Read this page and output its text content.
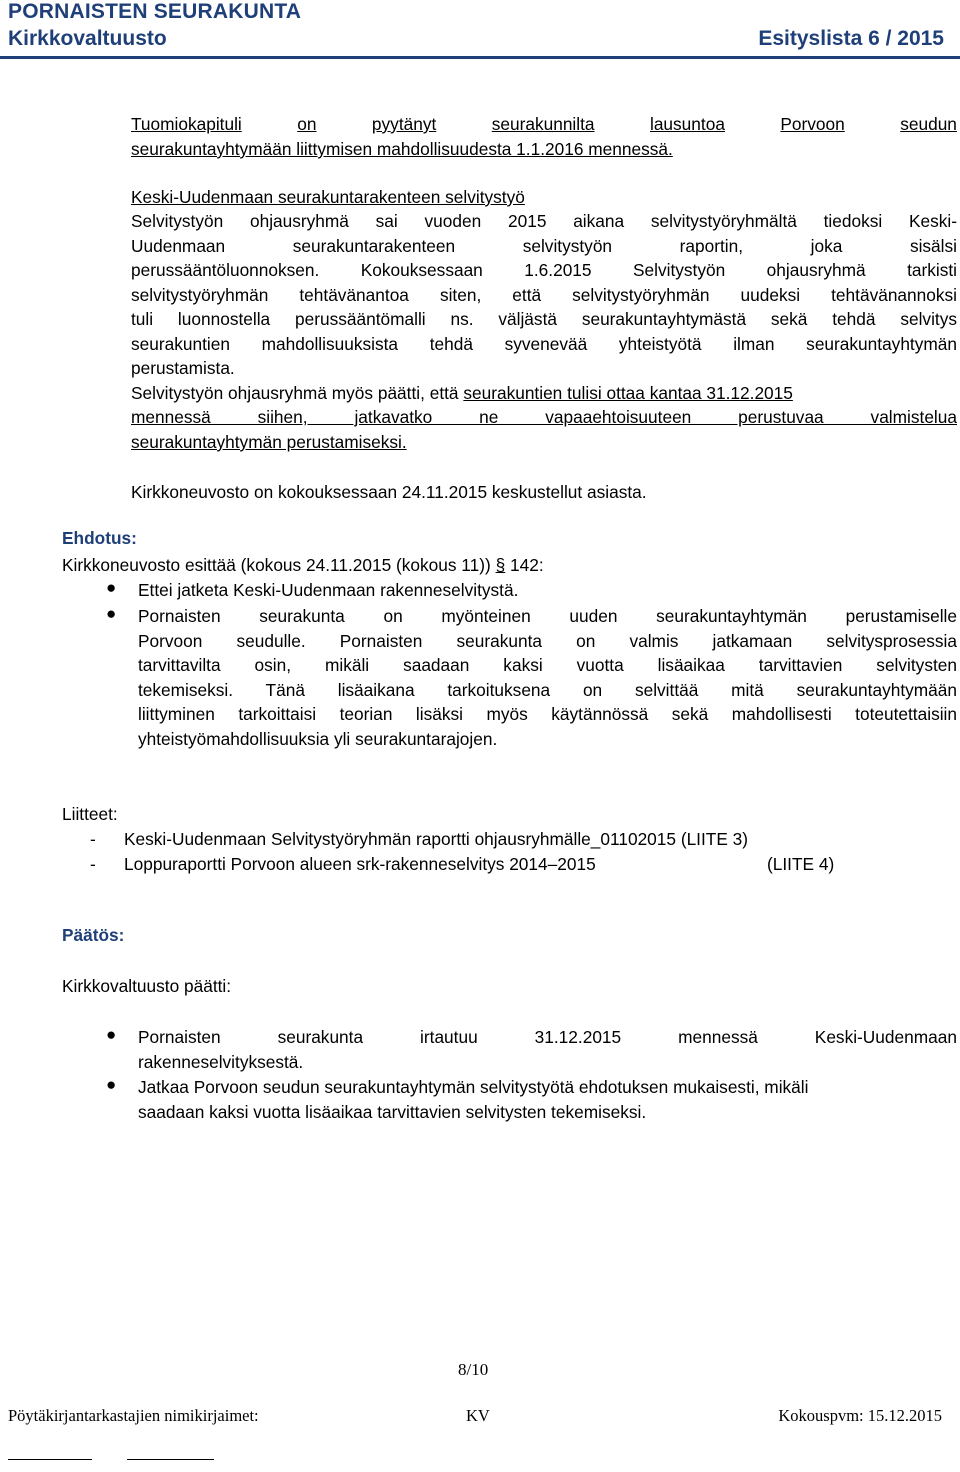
PORNAISTEN SEURAKUNTA
Kirkkovaltuusto	Esityslista 6 / 2015
Tuomiokapituli	on	pyytänyt	seurakunnilta	lausuntoa	Porvoon	seudun
seurakuntayhtymään liittymisen mahdollisuudesta 1.1.2016 mennessä.
Keski-Uudenmaan seurakuntarakenteen selvitystyö
Selvitystyön ohjausryhmä sai vuoden 2015 aikana selvitystyöryhmältä tiedoksi Keski-
Uudenmaan seurakuntarakenteen selvitystyön raportin, joka sisälsi
perussääntöluonnoksen. Kokouksessaan 1.6.2015 Selvitystyön ohjausryhmä tarkisti
selvitystyöryhmän tehtävänantoa siten, että selvitystyöryhmän uudeksi tehtävänannoksi
tuli luonnostella perussääntömalli ns. väljästä seurakuntayhtymästä sekä tehdä selvitys
seurakuntien mahdollisuuksista tehdä syvenevää yhteistyötä ilman seurakuntayhtymän
perustamista.
Selvitystyön ohjausryhmä myös päätti, että seurakuntien tulisi ottaa kantaa 31.12.2015
mennessä siihen, jatkavatko ne vapaaehtoisuuteen perustuvaa valmistelua
seurakuntayhtymän perustamiseksi.
Kirkkoneuvosto on kokouksessaan 24.11.2015 keskustellut asiasta.
Ehdotus:
Kirkkoneuvosto esittää (kokous 24.11.2015 (kokous 11)) § 142:
● Ettei jatketa Keski-Uudenmaan rakenneselvitystä.
● Pornaisten seurakunta on myönteinen uuden seurakuntayhtymän perustamiselle
Porvoon seudulle. Pornaisten seurakunta on valmis jatkamaan selvitysprosessia
tarvittavilta osin, mikäli saadaan kaksi vuotta lisäaikaa tarvittavien selvitysten
tekemiseksi. Tänä lisäaikana tarkoituksena on selvittää mitä seurakuntayhtymään
liittyminen tarkoittaisi teorian lisäksi myös käytännössä sekä mahdollisesti toteutettaisiin
yhteistyömahdollisuuksia yli seurakuntarajojen.
Liitteet:
- Keski-Uudenmaan Selvitystyöryhmän raportti ohjausryhmälle_01102015 (LIITE 3)
- Loppuraportti Porvoon alueen srk-rakenneselvitys 2014–2015	(LIITE 4)
Päätös:
Kirkkovaltuusto päätti:
● Pornaisten	seurakunta	irtautuu	31.12.2015	mennessä	Keski-Uudenmaan
rakenneselvityksestä.
● Jatkaa Porvoon seudun seurakuntayhtymän selvitystyötä ehdotuksen mukaisesti, mikäli
saadaan kaksi vuotta lisäaikaa tarvittavien selvitysten tekemiseksi.
8/10
Pöytäkirjantarkastajien nimikirjaimet:	KV	Kokouspvm: 15.12.2015
